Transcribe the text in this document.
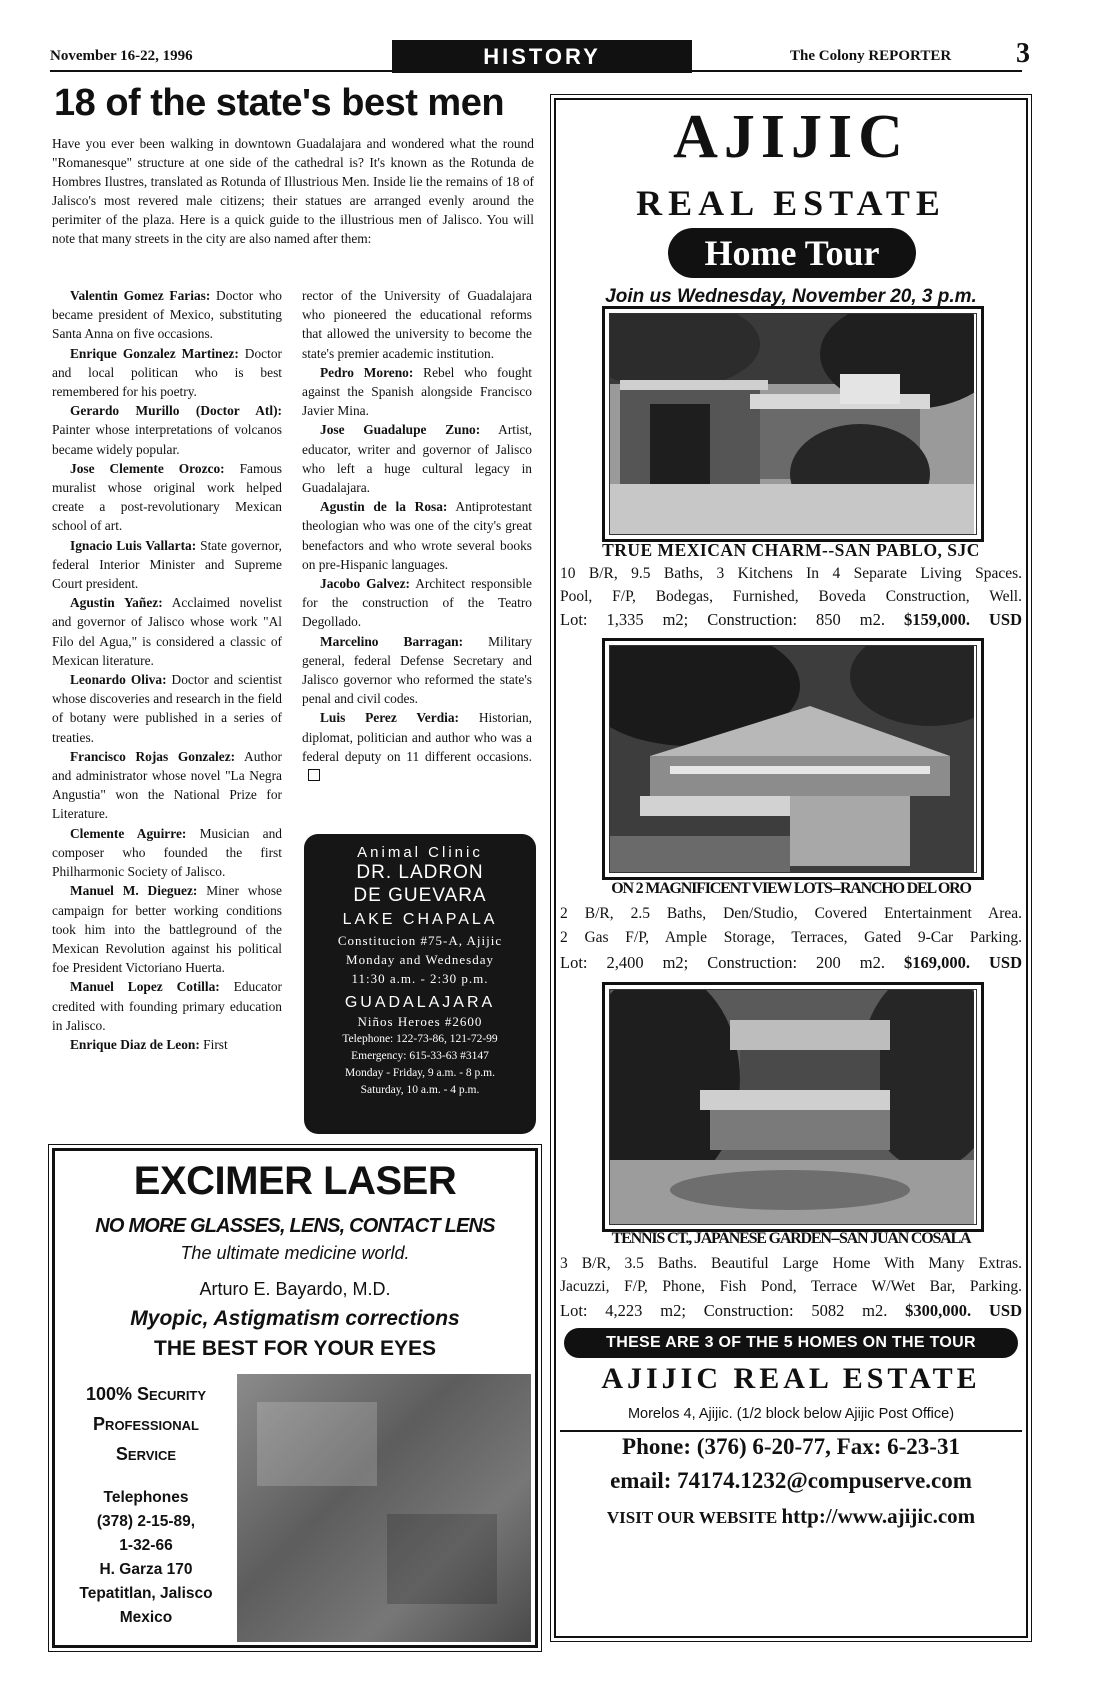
November 16-22, 1996	HISTORY	The Colony REPORTER 3
18 of the state's best men
Have you ever been walking in downtown Guadalajara and wondered what the round "Romanesque" structure at one side of the cathedral is? It's known as the Rotunda de Hombres Ilustres, translated as Rotunda of Illustrious Men. Inside lie the remains of 18 of Jalisco's most revered male citizens; their statues are arranged evenly around the perimiter of the plaza. Here is a quick guide to the illustrious men of Jalisco. You will note that many streets in the city are also named after them:

Valentin Gomez Farias: Doctor who became president of Mexico, substituting Santa Anna on five occasions.

Enrique Gonzalez Martinez: Doctor and local politican who is best remembered for his poetry.

Gerardo Murillo (Doctor Atl): Painter whose interpretations of volcanos became widely popular.

Jose Clemente Orozco: Famous muralist whose original work helped create a post-revolutionary Mexican school of art.

Ignacio Luis Vallarta: State governor, federal Interior Minister and Supreme Court president.

Agustin Yañez: Acclaimed novelist and governor of Jalisco whose work "Al Filo del Agua," is considered a classic of Mexican literature.

Leonardo Oliva: Doctor and scientist whose discoveries and research in the field of botany were published in a series of treaties.

Francisco Rojas Gonzalez: Author and administrator whose novel "La Negra Angustia" won the National Prize for Literature.

Clemente Aguirre: Musician and composer who founded the first Philharmonic Society of Jalisco.

Manuel M. Dieguez: Miner whose campaign for better working conditions took him into the battleground of the Mexican Revolution against his political foe President Victoriano Huerta.

Manuel Lopez Cotilla: Educator credited with founding primary education in Jalisco.

Enrique Diaz de Leon: First

rector of the University of Guadalajara who pioneered the educational reforms that allowed the university to become the state's premier academic institution.

Pedro Moreno: Rebel who fought against the Spanish alongside Francisco Javier Mina.

Jose Guadalupe Zuno: Artist, educator, writer and governor of Jalisco who left a huge cultural legacy in Guadalajara.

Agustin de la Rosa: Antiprotestant theologian who was one of the city's great benefactors and who wrote several books on pre-Hispanic languages.

Jacobo Galvez: Architect responsible for the construction of the Teatro Degollado.

Marcelino Barragan: Military general, federal Defense Secretary and Jalisco governor who reformed the state's penal and civil codes.

Luis Perez Verdia: Historian, diplomat, politician and author who was a federal deputy on 11 different occasions.

Animal Clinic
DR. LADRON
DE GUEVARA
LAKE CHAPALA
Constitucion #75-A, Ajijic
Monday and Wednesday
11:30 a.m. - 2:30 p.m.
GUADALAJARA
Niños Heroes #2600
Telephone: 122-73-86, 121-72-99
Emergency: 615-33-63 #3147
Monday - Friday, 9 a.m. - 8 p.m.
Saturday, 10 a.m. - 4 p.m.
EXCIMER LASER
NO MORE GLASSES, LENS, CONTACT LENS
The ultimate medicine world.
Arturo E. Bayardo, M.D.
Myopic, Astigmatism corrections
THE BEST FOR YOUR EYES
100% Security
Professional
Service
Telephones
(378) 2-15-89,
1-32-66
H. Garza 170
Tepatitlan, Jalisco
Mexico
AJIJIC
REAL ESTATE
Home Tour
Join us Wednesday, November 20, 3 p.m.
TRUE MEXICAN CHARM--SAN PABLO, SJC
10 B/R, 9.5 Baths, 3 Kitchens In 4 Separate Living Spaces.
Pool, F/P, Bodegas, Furnished, Boveda Construction, Well.
Lot: 1,335 m2; Construction: 850 m2. $159,000. USD
ON 2 MAGNIFICENT VIEW LOTS--RANCHO DEL ORO
2 B/R, 2.5 Baths, Den/Studio, Covered Entertainment Area.
2 Gas F/P, Ample Storage, Terraces, Gated 9-Car Parking.
Lot: 2,400 m2; Construction: 200 m2. $169,000. USD
TENNIS CT., JAPANESE GARDEN--SAN JUAN COSALA
3 B/R, 3.5 Baths. Beautiful Large Home With Many Extras.
Jacuzzi, F/P, Phone, Fish Pond, Terrace W/Wet Bar, Parking.
Lot: 4,223 m2; Construction: 5082 m2. $300,000. USD
THESE ARE 3 OF THE 5 HOMES ON THE TOUR
AJIJIC REAL ESTATE
Morelos 4, Ajijic. (1/2 block below Ajijic Post Office)
Phone: (376) 6-20-77, Fax: 6-23-31
email: 74174.1232@compuserve.com
VISIT OUR WEBSITE http://www.ajijic.com
